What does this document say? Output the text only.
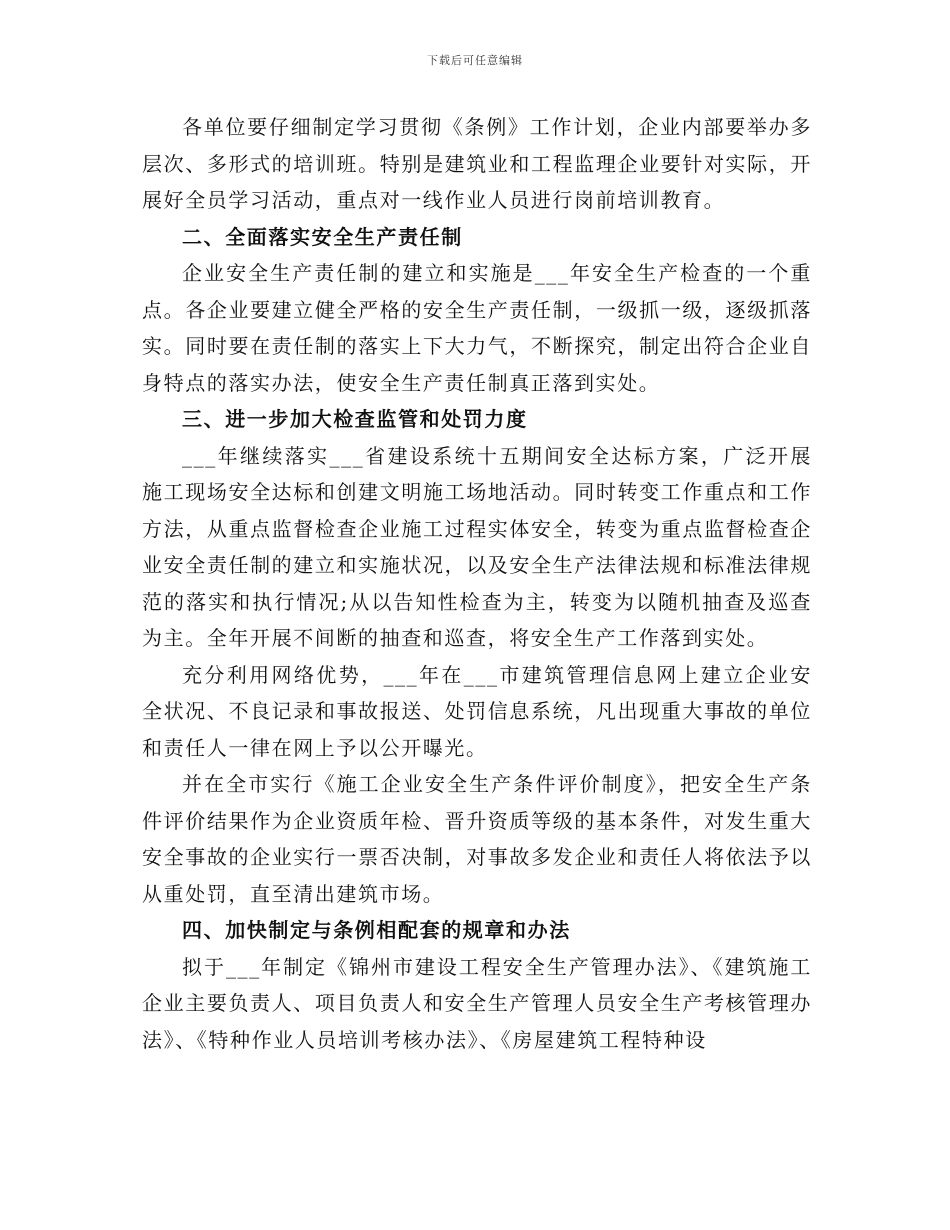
下载后可任意编辑

各单位要仔细制定学习贯彻《条例》工作计划，企业内部要举办多层次、多形式的培训班。特别是建筑业和工程监理企业要针对实际，开展好全员学习活动，重点对一线作业人员进行岗前培训教育。

二、全面落实安全生产责任制

企业安全生产责任制的建立和实施是___年安全生产检查的一个重点。各企业要建立健全严格的安全生产责任制，一级抓一级，逐级抓落实。同时要在责任制的落实上下大力气，不断探究，制定出符合企业自身特点的落实办法，使安全生产责任制真正落到实处。

三、进一步加大检查监管和处罚力度

___年继续落实___省建设系统十五期间安全达标方案，广泛开展施工现场安全达标和创建文明施工场地活动。同时转变工作重点和工作方法，从重点监督检查企业施工过程实体安全，转变为重点监督检查企业安全责任制的建立和实施状况，以及安全生产法律法规和标准法律规范的落实和执行情况;从以告知性检查为主，转变为以随机抽查及巡查为主。全年开展不间断的抽查和巡查，将安全生产工作落到实处。

充分利用网络优势，___年在___市建筑管理信息网上建立企业安全状况、不良记录和事故报送、处罚信息系统，凡出现重大事故的单位和责任人一律在网上予以公开曝光。

并在全市实行《施工企业安全生产条件评价制度》，把安全生产条件评价结果作为企业资质年检、晋升资质等级的基本条件，对发生重大安全事故的企业实行一票否决制，对事故多发企业和责任人将依法予以从重处罚，直至清出建筑市场。

四、加快制定与条例相配套的规章和办法

拟于___年制定《锦州市建设工程安全生产管理办法》、《建筑施工企业主要负责人、项目负责人和安全生产管理人员安全生产考核管理办法》、《特种作业人员培训考核办法》、《房屋建筑工程特种设
